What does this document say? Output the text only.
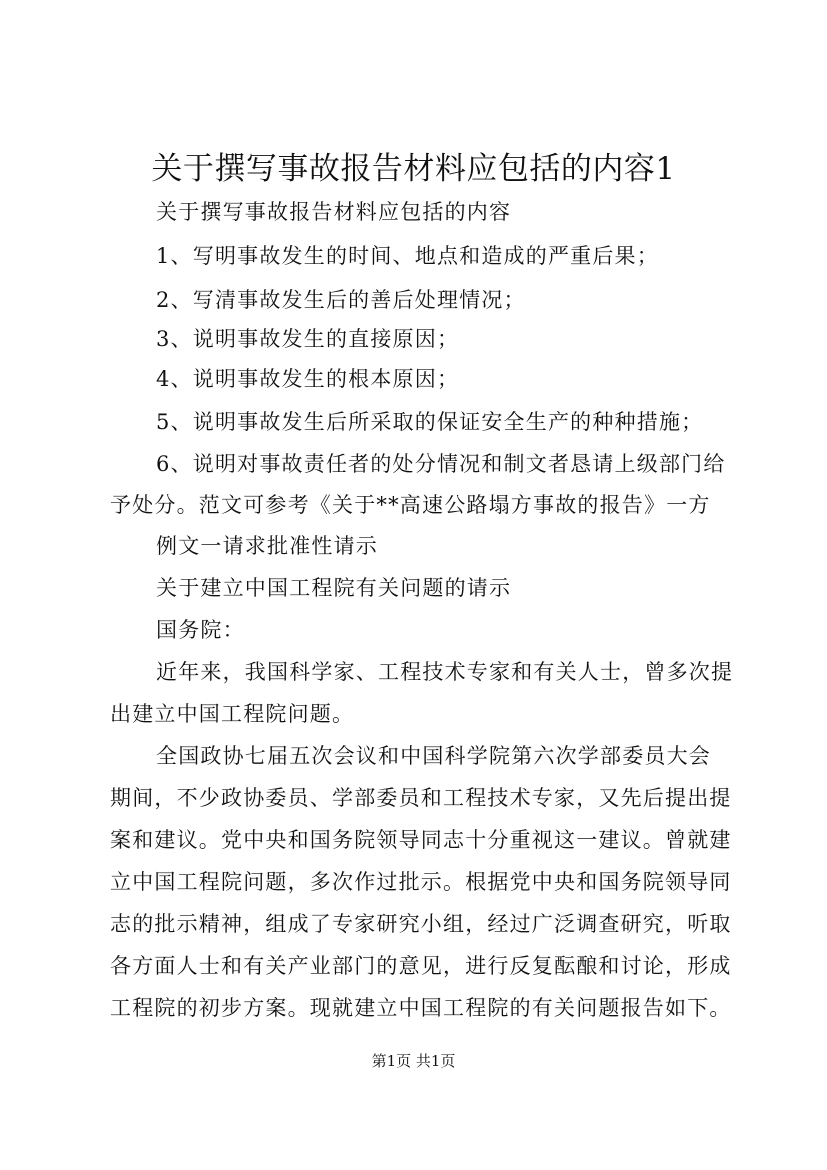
关于撰写事故报告材料应包括的内容1
关于撰写事故报告材料应包括的内容
1、写明事故发生的时间、地点和造成的严重后果；
2、写清事故发生后的善后处理情况；
3、说明事故发生的直接原因；
4、说明事故发生的根本原因；
5、说明事故发生后所采取的保证安全生产的种种措施；
6、说明对事故责任者的处分情况和制文者恳请上级部门给
予处分。范文可参考《关于**高速公路塌方事故的报告》一方
例文一请求批准性请示
关于建立中国工程院有关问题的请示
国务院：
近年来，我国科学家、工程技术专家和有关人士，曾多次提
出建立中国工程院问题。
全国政协七届五次会议和中国科学院第六次学部委员大会
期间，不少政协委员、学部委员和工程技术专家，又先后提出提
案和建议。党中央和国务院领导同志十分重视这一建议。曾就建
立中国工程院问题，多次作过批示。根据党中央和国务院领导同
志的批示精神，组成了专家研究小组，经过广泛调查研究，听取
各方面人士和有关产业部门的意见，进行反复酝酿和讨论，形成
工程院的初步方案。现就建立中国工程院的有关问题报告如下。
第1页 共1页
